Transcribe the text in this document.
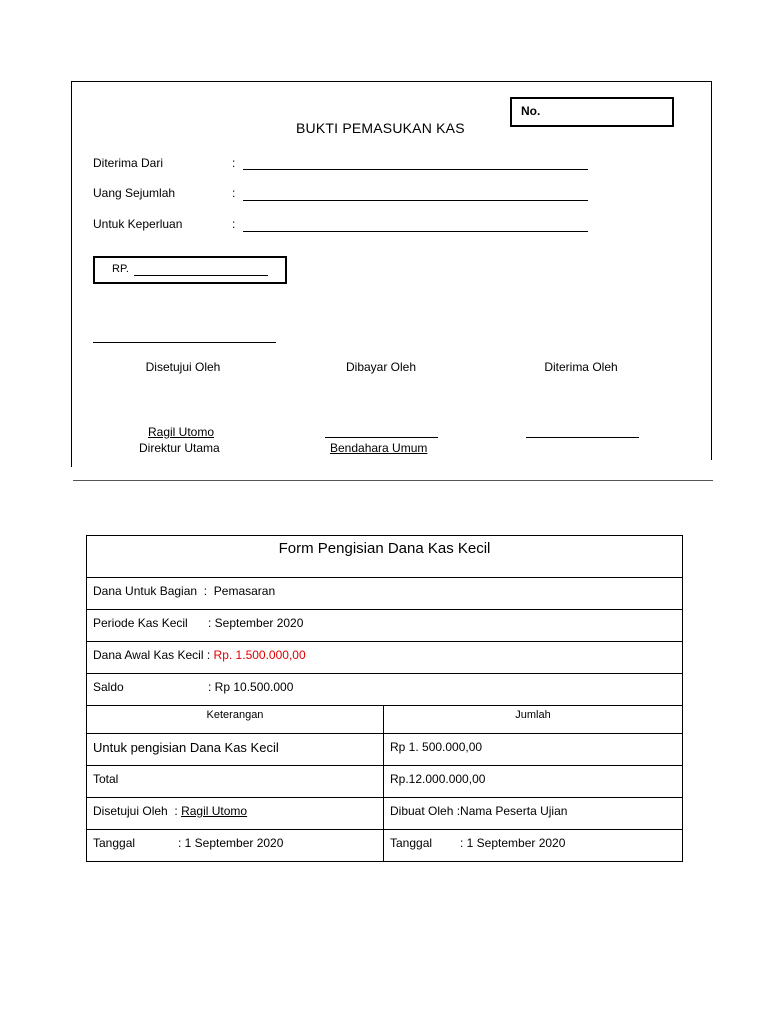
No.
BUKTI PEMASUKAN KAS
Diterima Dari	:
Uang Sejumlah	:
Untuk Keperluan	:
RP.
Disetujui Oleh	Dibayar Oleh	Diterima Oleh
Ragil Utomo
Direktur Utama	Bendahara Umum
Form Pengisian Dana Kas Kecil	
Dana Untuk Bagian : Pemasaran	
Periode Kas Kecil : September 2020	
Dana Awal Kas Kecil : Rp. 1.500.000,00	
Saldo : Rp 10.500.000	
Keterangan	Jumlah
Untuk pengisian Dana Kas Kecil	Rp 1. 500.000,00
Total	Rp.12.000.000,00
Disetujui Oleh : Ragil Utomo	Dibuat Oleh :Nama Peserta Ujian
Tanggal : 1 September 2020	Tanggal : 1 September 2020
